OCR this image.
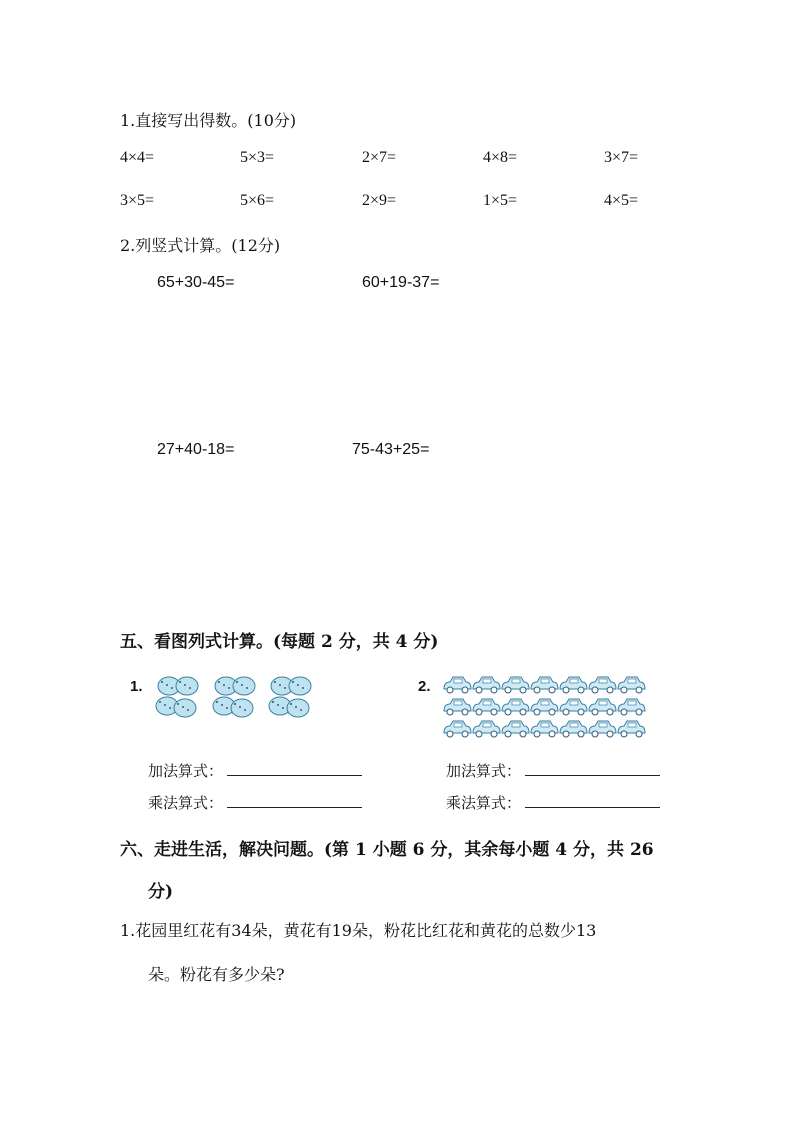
1.直接写出得数。(10分)
4×4=	5×3=	2×7=	4×8=	3×7=
3×5=	5×6=	2×9=	1×5=	4×5=
2.列竖式计算。(12分)
65+30-45=	60+19-37=
27+40-18=	75-43+25=
五、看图列式计算。(每题 2 分，共 4 分)
1.	2.
加法算式：
乘法算式：
加法算式：
乘法算式：
六、走进生活，解决问题。(第 1 小题 6 分，其余每小题 4 分，共 26
分)
1.花园里红花有34朵，黄花有19朵，粉花比红花和黄花的总数少13
朵。粉花有多少朵?
